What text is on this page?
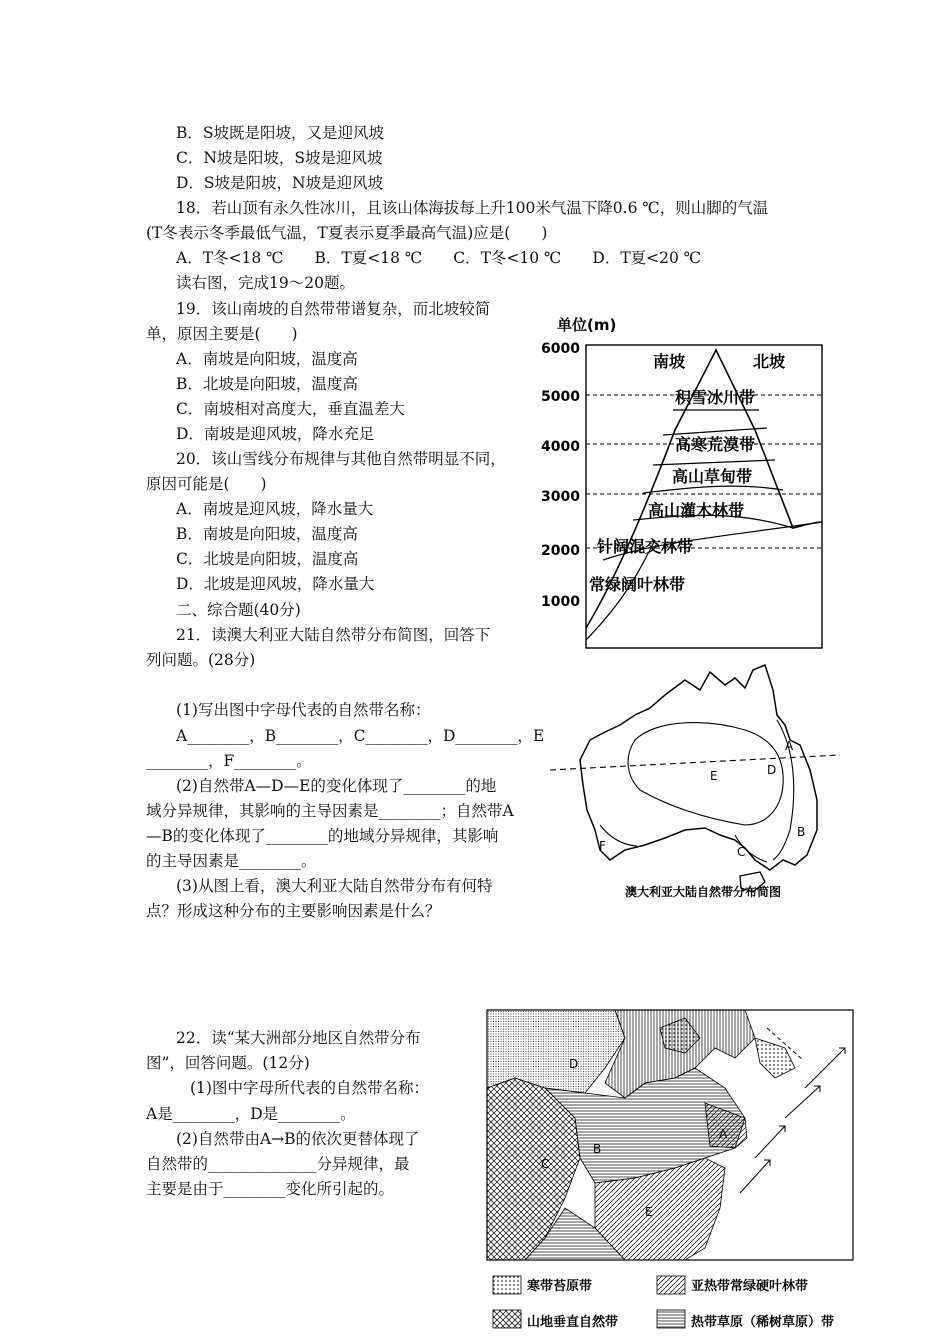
B．S坡既是阳坡，又是迎风坡
C．N坡是阳坡，S坡是迎风坡
D．S坡是阳坡，N坡是迎风坡
18．若山顶有永久性冰川，且该山体海拔每上升100米气温下降0.6 ℃，则山脚的气温
(T冬表示冬季最低气温，T夏表示夏季最高气温)应是(　　)
A．T冬<18 ℃　　B．T夏<18 ℃　　C．T冬<10 ℃　　D．T夏<20 ℃
读右图，完成19～20题。
19．该山南坡的自然带带谱复杂，而北坡较简
单，原因主要是(　　)
A．南坡是向阳坡，温度高
B．北坡是向阳坡，温度高
C．南坡相对高度大，垂直温差大
D．南坡是迎风坡，降水充足
20．该山雪线分布规律与其他自然带明显不同，
原因可能是(　　)
A．南坡是迎风坡，降水量大
B．南坡是向阳坡，温度高
C．北坡是向阳坡，温度高
D．北坡是迎风坡，降水量大
二、综合题(40分)
21．读澳大利亚大陆自然带分布简图，回答下
列问题。(28分)
(1)写出图中字母代表的自然带名称：
A________，B________，C________，D________，E
________，F________。
(2)自然带A—D—E的变化体现了________的地
域分异规律，其影响的主导因素是________；自然带A
—B的变化体现了________的地域分异规律，其影响
的主导因素是________。
(3)从图上看，澳大利亚大陆自然带分布有何特
点？形成这种分布的主要影响因素是什么？
22．读“某大洲部分地区自然带分布
图”，回答问题。(12分)
(1)图中字母所代表的自然带名称：
A是________，D是________。
(2)自然带由A→B的依次更替体现了
自然带的______________分异规律，最
主要是由于________变化所引起的。
单位(m)
6000
5000
4000
3000
2000
1000
南坡	北坡
积雪冰川带
高寒荒漠带
高山草甸带
高山灌木林带
针阔混交林带
常绿阔叶林带
A
B
C
D
E
F
澳大利亚大陆自然带分布简图
A
B
C
D
E
寒带苔原带	亚热带常绿硬叶林带
山地垂直自然带	热带草原（稀树草原）带
